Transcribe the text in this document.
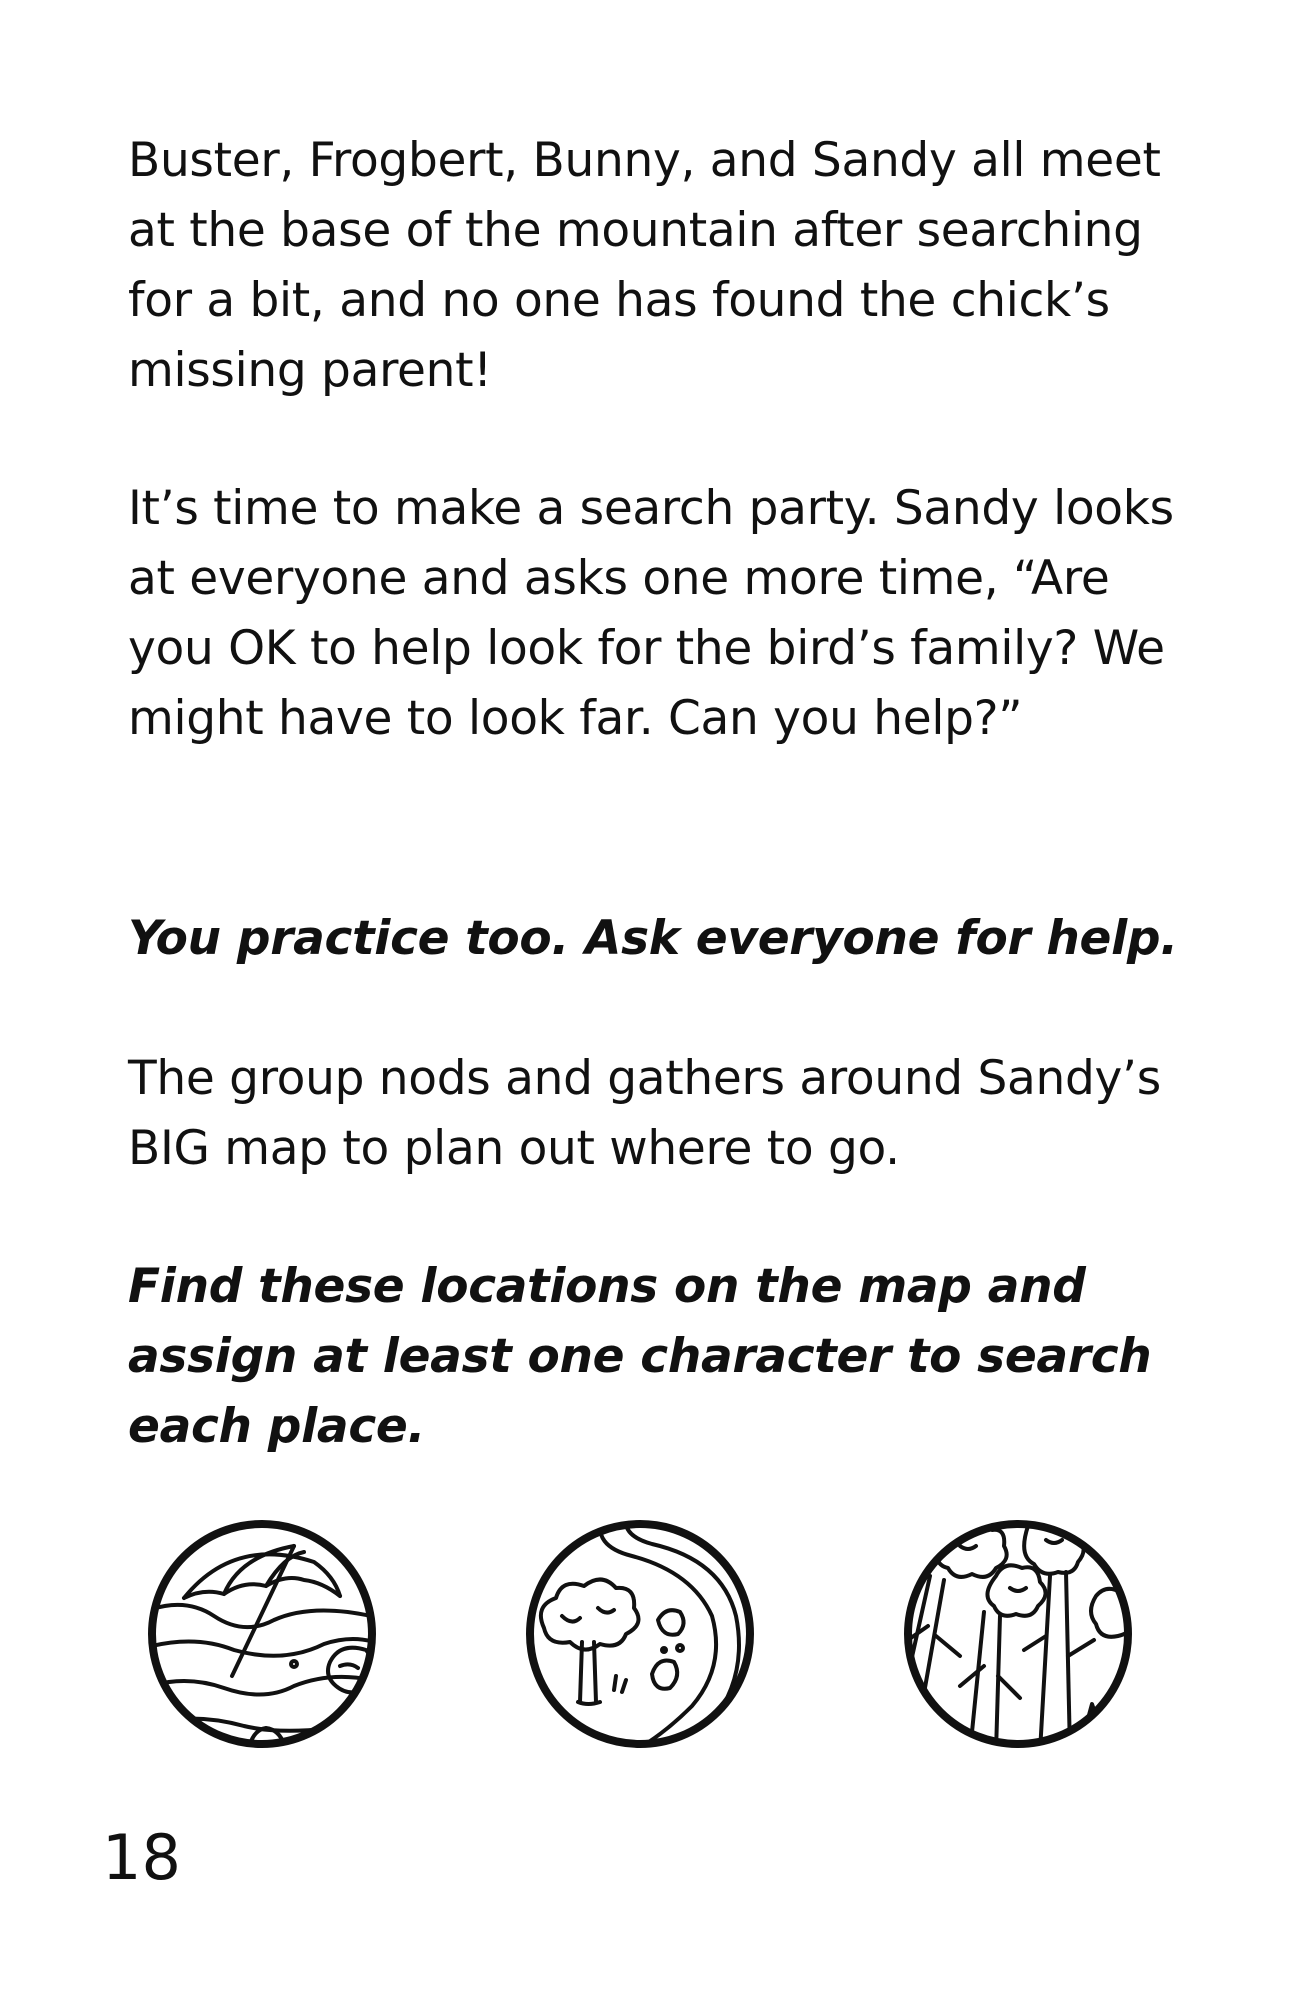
Buster, Frogbert, Bunny, and Sandy all meet at the base of the mountain after searching for a bit, and no one has found the chick’s missing parent!

It’s time to make a search party. Sandy looks at everyone and asks one more time, “Are you OK to help look for the bird’s family? We might have to look far. Can you help?”

You practice too. Ask everyone for help.

The group nods and gathers around Sandy’s BIG map to plan out where to go.

Find these locations on the map and assign at least one character to search each place.

18
